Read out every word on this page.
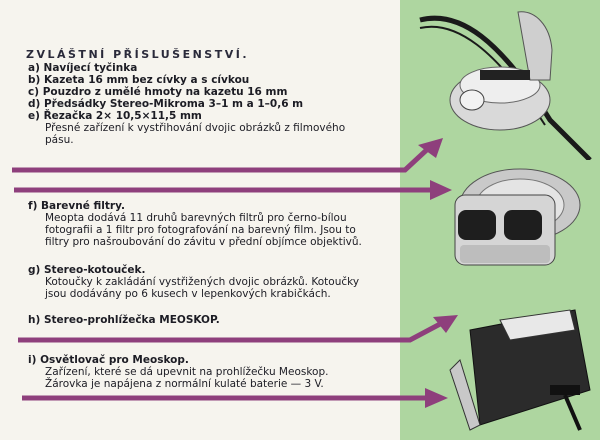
ZVLÁŠTNÍ PŘÍSLUŠENSTVÍ.
a) Navíjecí tyčinka
b) Kazeta 16 mm bez cívky a s cívkou
c) Pouzdro z umělé hmoty na kazetu 16 mm
d) Předsádky Stereo-Mikroma 3–1 m a 1–0,6 m
e) Řezačka 2× 10,5×11,5 mm
Přesné zařízení k vystřihování dvojic obrázků z filmového pásu.
f) Barevné filtry.
Meopta dodává 11 druhů barevných filtrů pro černo-bílou fotografii a 1 filtr pro fotografování na barevný film. Jsou to filtry pro našroubování do závitu v přední objímce objektivů.
g) Stereo-kotouček.
Kotoučky k zakládání vystřižených dvojic obrázků. Kotoučky jsou dodávány po 6 kusech v lepenkových krabičkách.
h) Stereo-prohlížečka MEOSKOP.
i) Osvětlovač pro Meoskop.
Zařízení, které se dá upevnit na prohlížečku Meoskop. Žárovka je napájena z normální kulaté baterie — 3 V.
